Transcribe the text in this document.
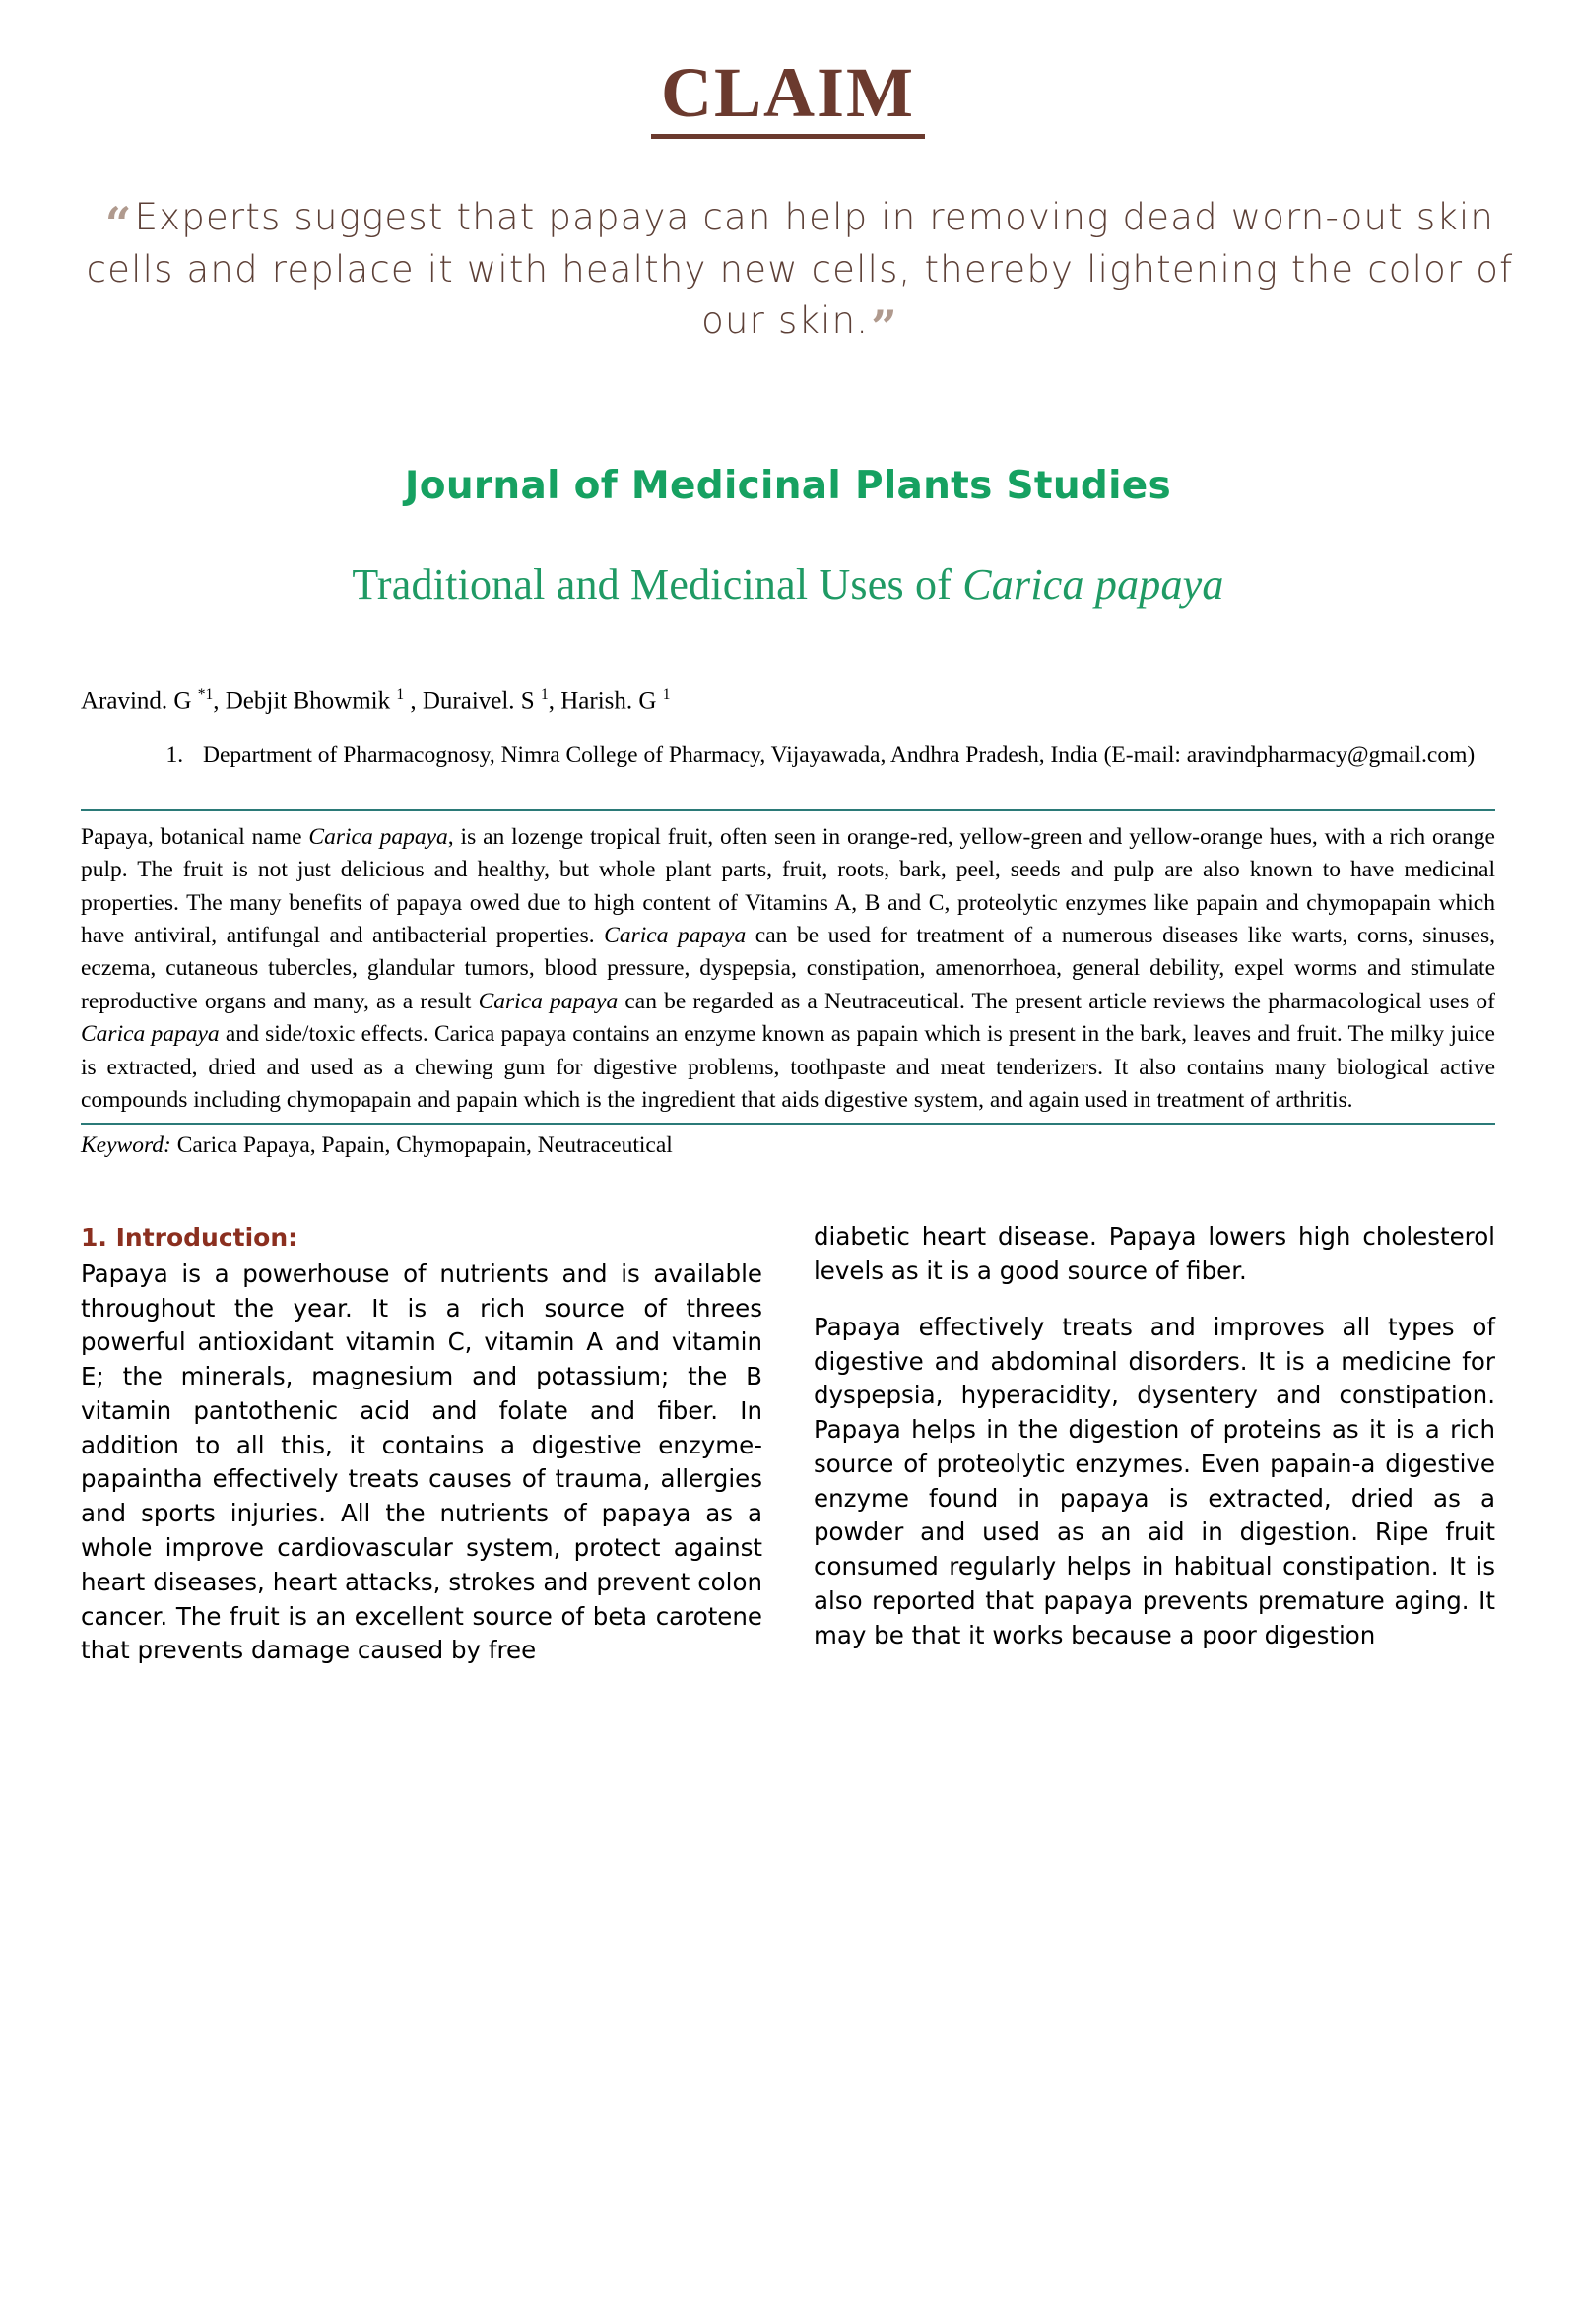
CLAIM
“Experts suggest that papaya can help in removing dead worn-out skin cells and replace it with healthy new cells, thereby lightening the color of our skin.”
Journal of Medicinal Plants Studies
Traditional and Medicinal Uses of Carica papaya
Aravind. G $^{*1}$, Debjit Bhowmik $^1$ , Duraivel. S $^1$, Harish. G $^1$
1. Department of Pharmacognosy, Nimra College of Pharmacy, Vijayawada, Andhra Pradesh, India (E-mail: aravindpharmacy@gmail.com)
Papaya, botanical name Carica papaya, is an lozenge tropical fruit, often seen in orange-red, yellow-green and yellow-orange hues, with a rich orange pulp. The fruit is not just delicious and healthy, but whole plant parts, fruit, roots, bark, peel, seeds and pulp are also known to have medicinal properties. The many benefits of papaya owed due to high content of Vitamins A, B and C, proteolytic enzymes like papain and chymopapain which have antiviral, antifungal and antibacterial properties. Carica papaya can be used for treatment of a numerous diseases like warts, corns, sinuses, eczema, cutaneous tubercles, glandular tumors, blood pressure, dyspepsia, constipation, amenorrhoea, general debility, expel worms and stimulate reproductive organs and many, as a result Carica papaya can be regarded as a Neutraceutical. The present article reviews the pharmacological uses of Carica papaya and side/toxic effects. Carica papaya contains an enzyme known as papain which is present in the bark, leaves and fruit. The milky juice is extracted, dried and used as a chewing gum for digestive problems, toothpaste and meat tenderizers. It also contains many biological active compounds including chymopapain and papain which is the ingredient that aids digestive system, and again used in treatment of arthritis.
Keyword: Carica Papaya, Papain, Chymopapain, Neutraceutical
1. Introduction:

Papaya is a powerhouse of nutrients and is available throughout the year. It is a rich source of threes powerful antioxidant vitamin C, vitamin A and vitamin E; the minerals, magnesium and potassium; the B vitamin pantothenic acid and folate and fiber. In addition to all this, it contains a digestive enzyme-papaintha effectively treats causes of trauma, allergies and sports injuries. All the nutrients of papaya as a whole improve cardiovascular system, protect against heart diseases, heart attacks, strokes and prevent colon cancer. The fruit is an excellent source of beta carotene that prevents damage caused by free

diabetic heart disease. Papaya lowers high cholesterol levels as it is a good source of fiber.

Papaya effectively treats and improves all types of digestive and abdominal disorders. It is a medicine for dyspepsia, hyperacidity, dysentery and constipation. Papaya helps in the digestion of proteins as it is a rich source of proteolytic enzymes. Even papain-a digestive enzyme found in papaya is extracted, dried as a powder and used as an aid in digestion. Ripe fruit consumed regularly helps in habitual constipation. It is also reported that papaya prevents premature aging. It may be that it works because a poor digestion
